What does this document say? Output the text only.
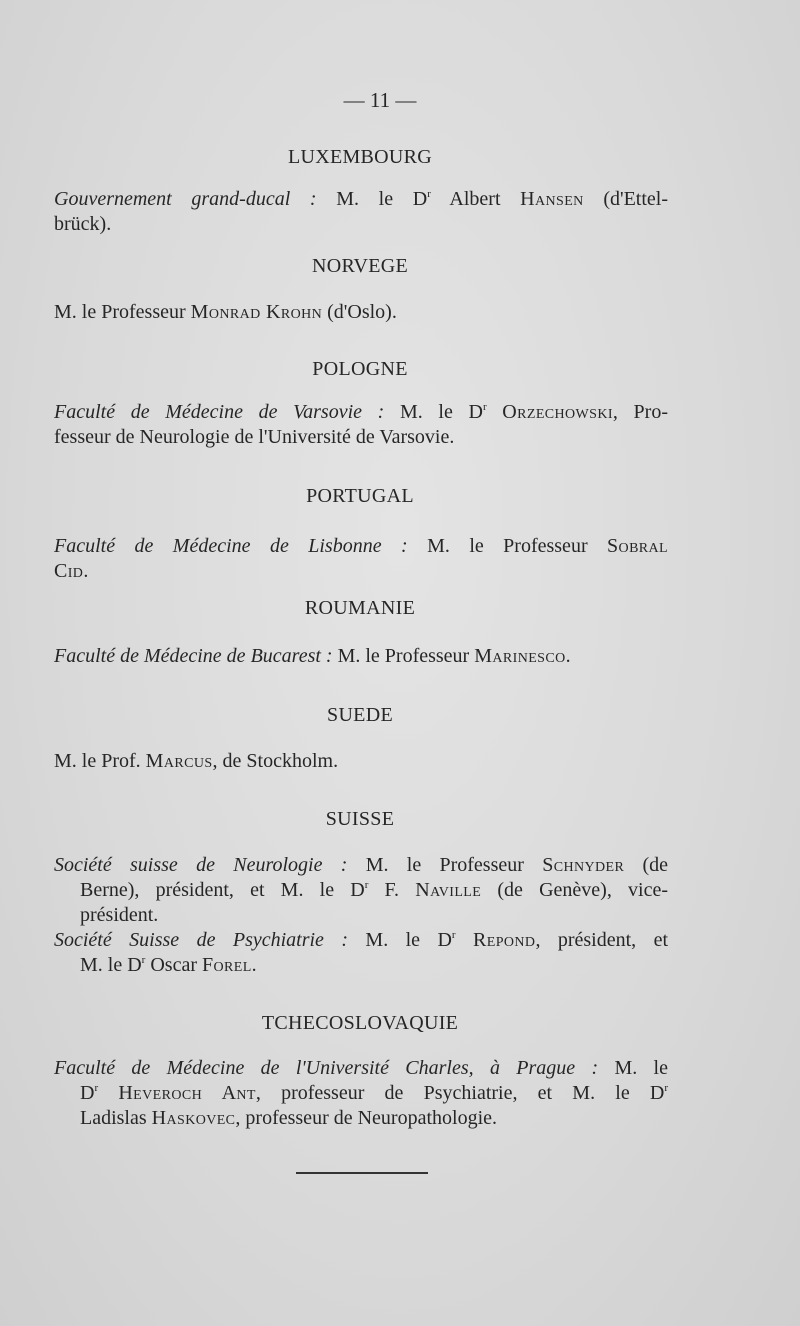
— 11 —
LUXEMBOURG
Gouvernement grand-ducal : M. le $D^r$ Albert Hansen (d'Ettel-
brück).
NORVEGE
M. le Professeur Monrad Krohn (d'Oslo).
POLOGNE
Faculté de Médecine de Varsovie : M. le $D^r$ Orzechowski, Pro-
fesseur de Neurologie de l'Université de Varsovie.
PORTUGAL
Faculté de Médecine de Lisbonne : M. le Professeur Sobral
Cid.
ROUMANIE
Faculté de Médecine de Bucarest : M. le Professeur Marinesco.
SUEDE
M. le Prof. Marcus, de Stockholm.
SUISSE
Société suisse de Neurologie : M. le Professeur Schnyder (de
Berne), président, et M. le $D^r$ F. Naville (de Genève), vice-
président.
Société Suisse de Psychiatrie : M. le $D^r$ Repond, président, et
M. le $D^r$ Oscar Forel.
TCHECOSLOVAQUIE
Faculté de Médecine de l'Université Charles, à Prague : M. le
$D^r$ Heveroch Ant, professeur de Psychiatrie, et M. le $D^r$
Ladislas Haskovec, professeur de Neuropathologie.
